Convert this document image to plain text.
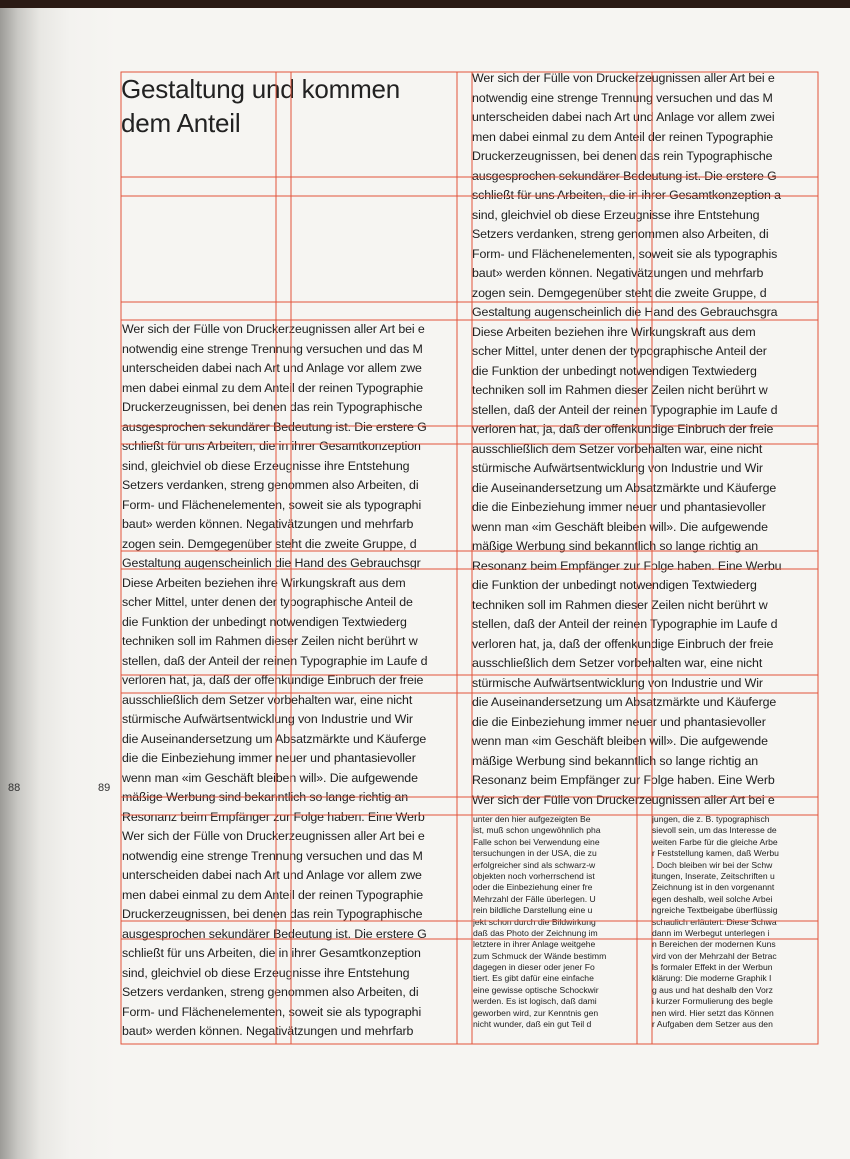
88	89
Gestaltung und kommen dem Anteil
Wer sich der Fülle von Druckerzeugnissen aller Art bei e
notwendig eine strenge Trennung versuchen und das M
unterscheiden dabei nach Art und Anlage vor allem zwe
men dabei einmal zu dem Anteil der reinen Typographie
Druckerzeugnissen, bei denen das rein Typographische
ausgesprochen sekundärer Bedeutung ist. Die erstere G
schließt für uns Arbeiten, die in ihrer Gesamtkonzeption
sind, gleichviel ob diese Erzeugnisse ihre Entstehung
Setzers verdanken, streng genommen also Arbeiten, di
Form- und Flächenelementen, soweit sie als typographi
baut» werden können. Negativätzungen und mehrfarb
zogen sein. Demgegenüber steht die zweite Gruppe, d
Gestaltung augenscheinlich die Hand des Gebrauchsgr
Diese Arbeiten beziehen ihre Wirkungskraft aus dem
scher Mittel, unter denen der typographische Anteil de
die Funktion der unbedingt notwendigen Textwiederg
techniken soll im Rahmen dieser Zeilen nicht berührt w
stellen, daß der Anteil der reinen Typographie im Laufe d
verloren hat, ja, daß der offenkundige Einbruch der freie
ausschließlich dem Setzer vorbehalten war, eine nicht
stürmische Aufwärtsentwicklung von Industrie und Wir
die Auseinandersetzung um Absatzmärkte und Käuferge
die die Einbeziehung immer neuer und phantasievoller
wenn man «im Geschäft bleiben will». Die aufgewende
mäßige Werbung sind bekanntlich so lange richtig an
Resonanz beim Empfänger zur Folge haben. Eine Werb
Wer sich der Fülle von Druckerzeugnissen aller Art bei e
notwendig eine strenge Trennung versuchen und das M
unterscheiden dabei nach Art und Anlage vor allem zwe
men dabei einmal zu dem Anteil der reinen Typographie
Druckerzeugnissen, bei denen das rein Typographische
ausgesprochen sekundärer Bedeutung ist. Die erstere G
schließt für uns Arbeiten, die in ihrer Gesamtkonzeption
sind, gleichviel ob diese Erzeugnisse ihre Entstehung
Setzers verdanken, streng genommen also Arbeiten, di
Form- und Flächenelementen, soweit sie als typographi
baut» werden können. Negativätzungen und mehrfarb
Wer sich der Fülle von Druckerzeugnissen aller Art bei e
notwendig eine strenge Trennung versuchen und das M
unterscheiden dabei nach Art und Anlage vor allem zwei
men dabei einmal zu dem Anteil der reinen Typographie
Druckerzeugnissen, bei denen das rein Typographische
ausgesprochen sekundärer Bedeutung ist. Die erstere G
schließt für uns Arbeiten, die in ihrer Gesamtkonzeption a
sind, gleichviel ob diese Erzeugnisse ihre Entstehung
Setzers verdanken, streng genommen also Arbeiten, di
Form- und Flächenelementen, soweit sie als typographis
baut» werden können. Negativätzungen und mehrfarb
zogen sein. Demgegenüber steht die zweite Gruppe, d
Gestaltung augenscheinlich die Hand des Gebrauchsgra
Diese Arbeiten beziehen ihre Wirkungskraft aus dem
scher Mittel, unter denen der typographische Anteil der
die Funktion der unbedingt notwendigen Textwiederg
techniken soll im Rahmen dieser Zeilen nicht berührt w
stellen, daß der Anteil der reinen Typographie im Laufe d
verloren hat, ja, daß der offenkundige Einbruch der freie
ausschließlich dem Setzer vorbehalten war, eine nicht
stürmische Aufwärtsentwicklung von Industrie und Wir
die Auseinandersetzung um Absatzmärkte und Käuferge
die die Einbeziehung immer neuer und phantasievoller
wenn man «im Geschäft bleiben will». Die aufgewende
mäßige Werbung sind bekanntlich so lange richtig an
Resonanz beim Empfänger zur Folge haben. Eine Werbu
die Funktion der unbedingt notwendigen Textwiederg
techniken soll im Rahmen dieser Zeilen nicht berührt w
stellen, daß der Anteil der reinen Typographie im Laufe d
verloren hat, ja, daß der offenkundige Einbruch der freie
ausschließlich dem Setzer vorbehalten war, eine nicht
stürmische Aufwärtsentwicklung von Industrie und Wir
die Auseinandersetzung um Absatzmärkte und Käuferge
die die Einbeziehung immer neuer und phantasievoller
wenn man «im Geschäft bleiben will». Die aufgewende
mäßige Werbung sind bekanntlich so lange richtig an
Resonanz beim Empfänger zur Folge haben. Eine Werb
Wer sich der Fülle von Druckerzeugnissen aller Art bei e
unter den hier aufgezeigten Be
ist, muß schon ungewöhnlich pha
Falle schon bei Verwendung eine
tersuchungen in der USA, die zu
erfolgreicher sind als schwarz-w
objekten noch vorherrschend ist
oder die Einbeziehung einer fre
Mehrzahl der Fälle überlegen. U
rein bildliche Darstellung eine u
jekt schon durch die Bildwirkung
daß das Photo der Zeichnung im
letztere in ihrer Anlage weitgehe
zum Schmuck der Wände bestimm
dagegen in dieser oder jener Fo
tiert. Es gibt dafür eine einfache
eine gewisse optische Schockwir
werden. Es ist logisch, daß dami
geworben wird, zur Kenntnis gen
nicht wunder, daß ein gut Teil d
jungen, die z. B. typographisch
sievoll sein, um das Interesse de
weiten Farbe für die gleiche Arbe
r Feststellung kamen, daß Werbu
. Doch bleiben wir bei der Schw
itungen, Inserate, Zeitschriften u
Zeichnung ist in den vorgenannt
egen deshalb, weil solche Arbei
ngreiche Textbeigabe überflüssig
schaulich erläutert. Diese Schwa
dann im Werbegut unterlegen i
n Bereichen der modernen Kuns
vird von der Mehrzahl der Betrac
ls formaler Effekt in der Werbun
klärung: Die moderne Graphik I
g aus und hat deshalb den Vorz
i kurzer Formulierung des begle
nen wird. Hier setzt das Können
r Aufgaben dem Setzer aus den
